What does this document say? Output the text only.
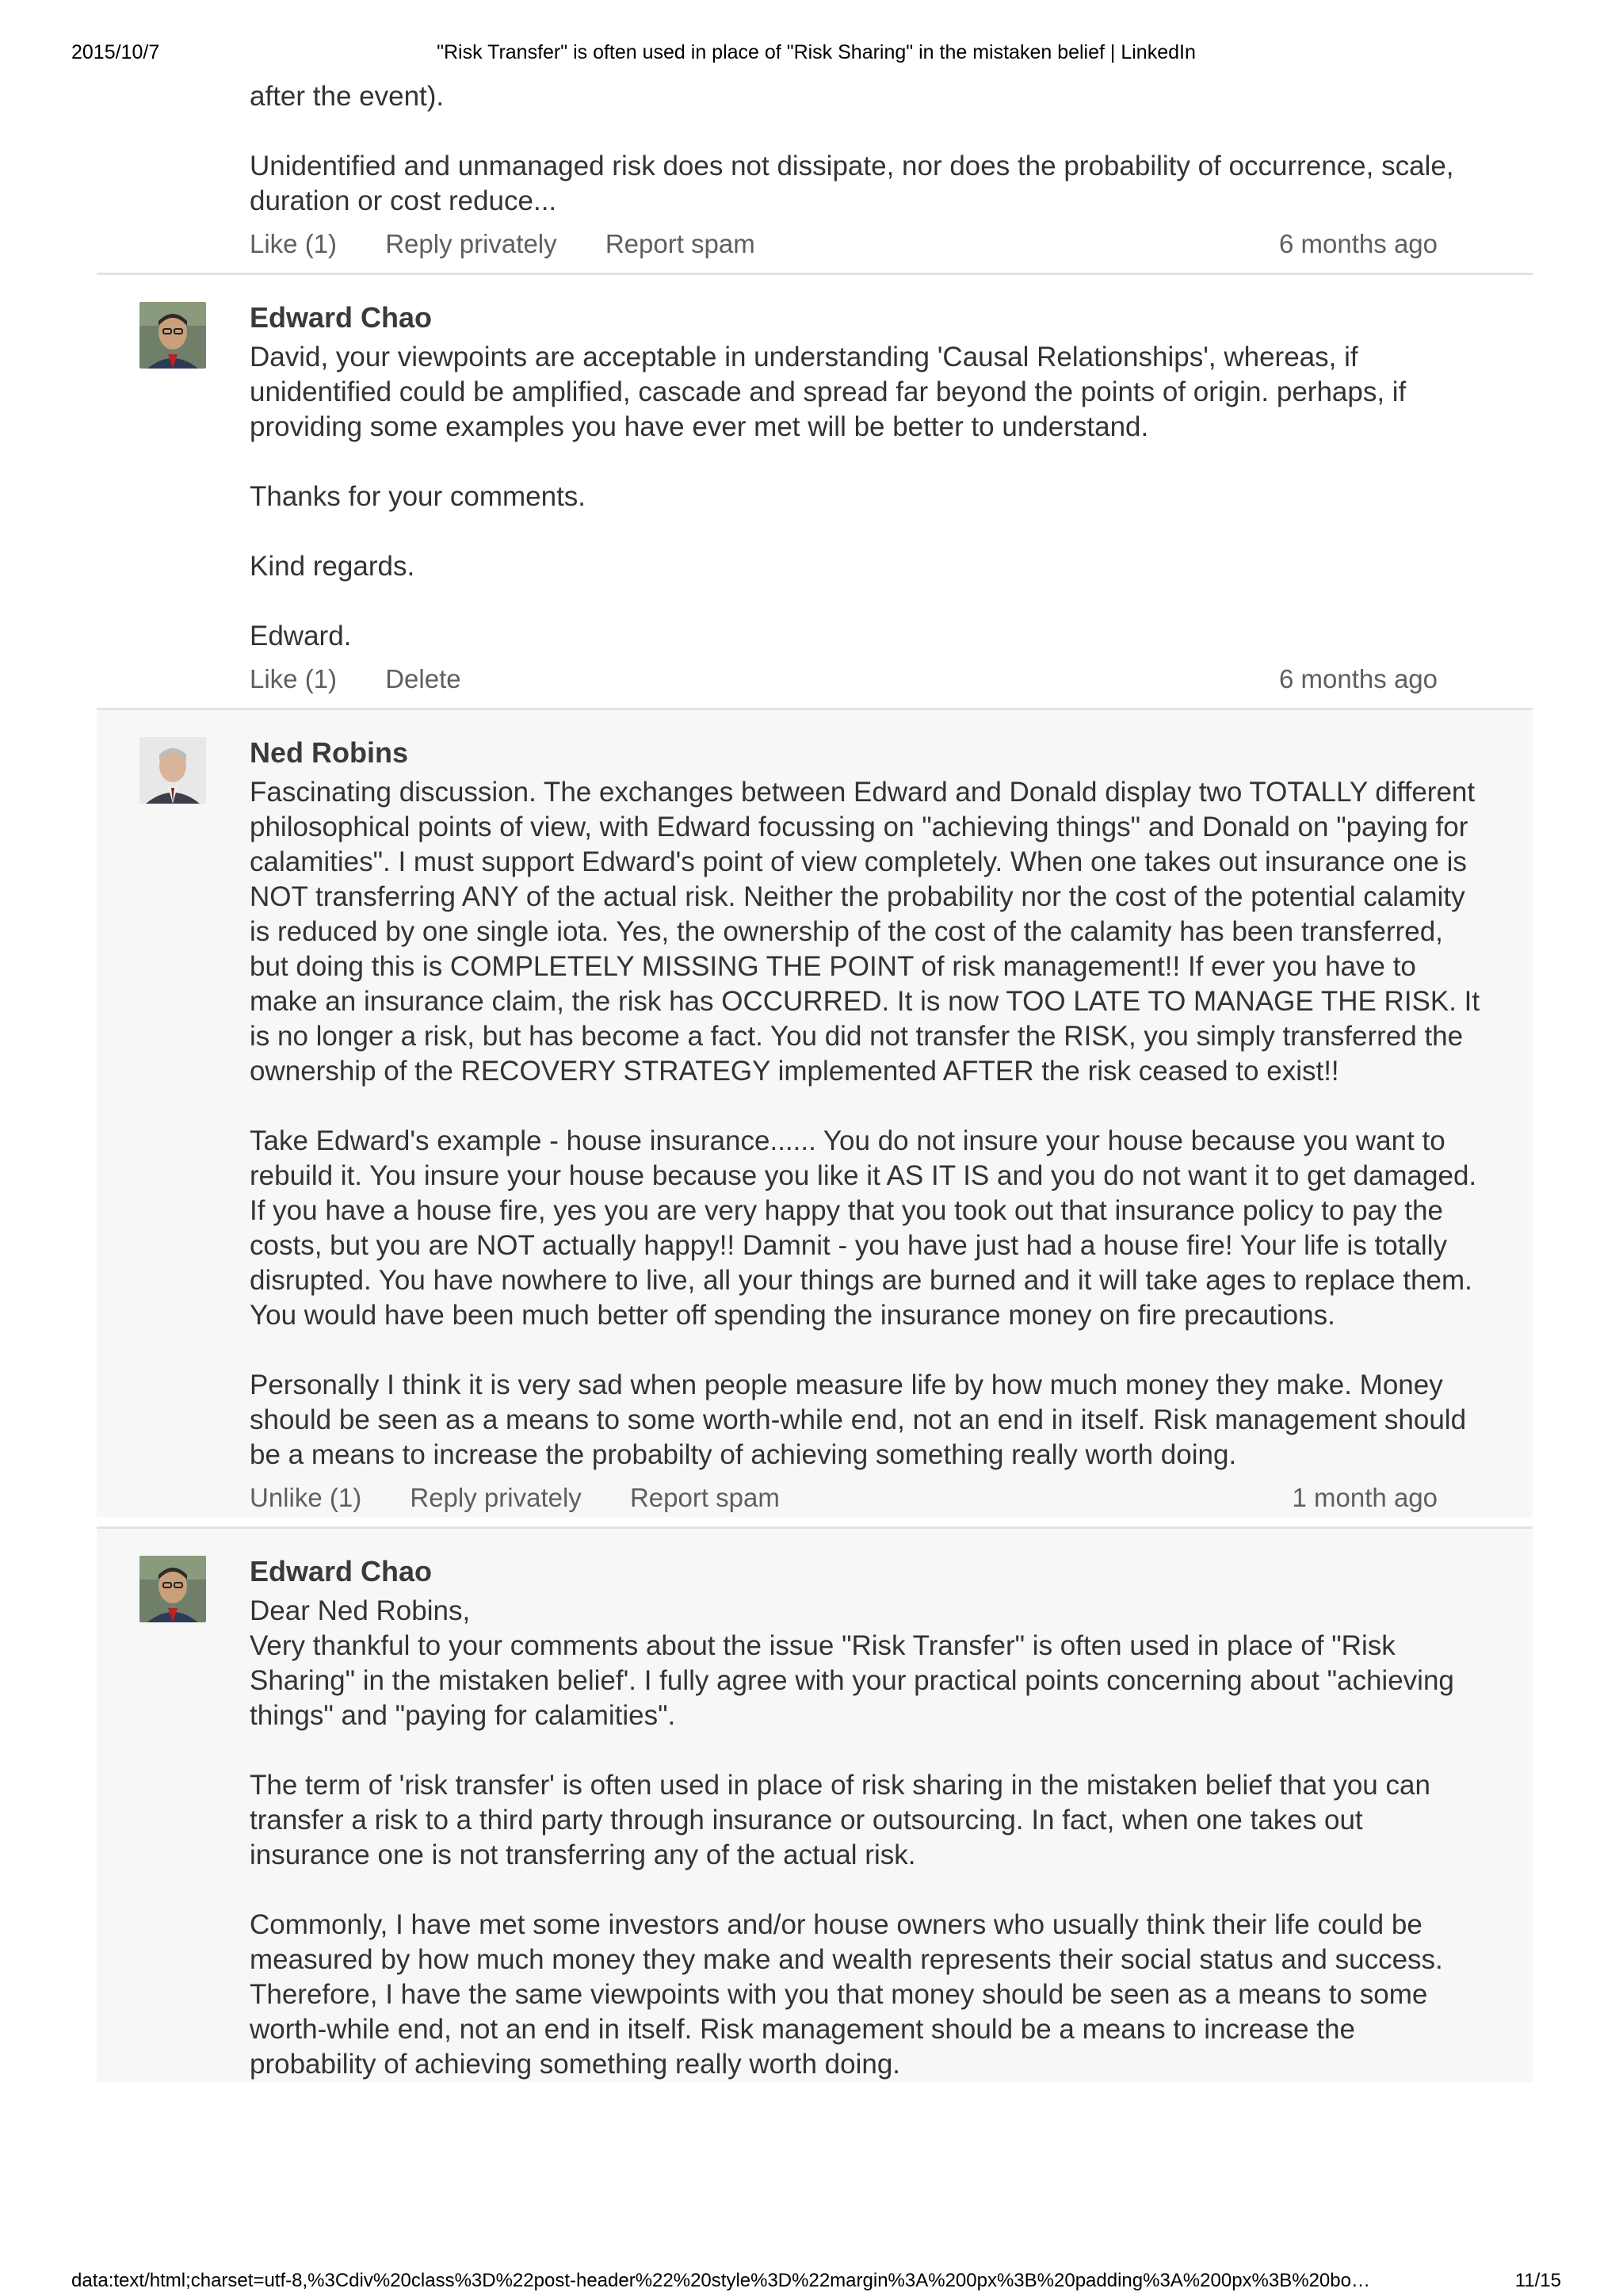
2015/10/7	"Risk Transfer" is often used in place of "Risk Sharing" in the mistaken belief | LinkedIn

after the event).

Unidentified and unmanaged risk does not dissipate, nor does the probability of occurrence, scale, duration or cost reduce...

Like (1) Reply privately Report spam	6 months ago
Edward Chao

David, your viewpoints are acceptable in understanding 'Causal Relationships', whereas, if unidentified could be amplified, cascade and spread far beyond the points of origin. perhaps, if providing some examples you have ever met will be better to understand.

Thanks for your comments.

Kind regards.

Edward.

Like (1) Delete	6 months ago
Ned Robins

Fascinating discussion. The exchanges between Edward and Donald display two TOTALLY different philosophical points of view, with Edward focussing on "achieving things" and Donald on "paying for calamities". I must support Edward's point of view completely. When one takes out insurance one is NOT transferring ANY of the actual risk. Neither the probability nor the cost of the potential calamity is reduced by one single iota. Yes, the ownership of the cost of the calamity has been transferred, but doing this is COMPLETELY MISSING THE POINT of risk management!! If ever you have to make an insurance claim, the risk has OCCURRED. It is now TOO LATE TO MANAGE THE RISK. It is no longer a risk, but has become a fact. You did not transfer the RISK, you simply transferred the ownership of the RECOVERY STRATEGY implemented AFTER the risk ceased to exist!!

Take Edward's example - house insurance...... You do not insure your house because you want to rebuild it. You insure your house because you like it AS IT IS and you do not want it to get damaged. If you have a house fire, yes you are very happy that you took out that insurance policy to pay the costs, but you are NOT actually happy!! Damnit - you have just had a house fire! Your life is totally disrupted. You have nowhere to live, all your things are burned and it will take ages to replace them. You would have been much better off spending the insurance money on fire precautions.

Personally I think it is very sad when people measure life by how much money they make. Money should be seen as a means to some worth-while end, not an end in itself. Risk management should be a means to increase the probabilty of achieving something really worth doing.

Unlike (1) Reply privately Report spam	1 month ago
Edward Chao

Dear Ned Robins,

Very thankful to your comments about the issue "Risk Transfer" is often used in place of "Risk Sharing" in the mistaken belief'. I fully agree with your practical points concerning about "achieving things" and "paying for calamities".

The term of 'risk transfer' is often used in place of risk sharing in the mistaken belief that you can transfer a risk to a third party through insurance or outsourcing. In fact, when one takes out insurance one is not transferring any of the actual risk.

Commonly, I have met some investors and/or house owners who usually think their life could be measured by how much money they make and wealth represents their social status and success. Therefore, I have the same viewpoints with you that money should be seen as a means to some worth-while end, not an end in itself. Risk management should be a means to increase the probability of achieving something really worth doing.

data:text/html;charset=utf-8,%3Cdiv%20class%3D%22post-header%22%20style%3D%22margin%3A%200px%3B%20padding%3A%200px%3B%20bo…	11/15
